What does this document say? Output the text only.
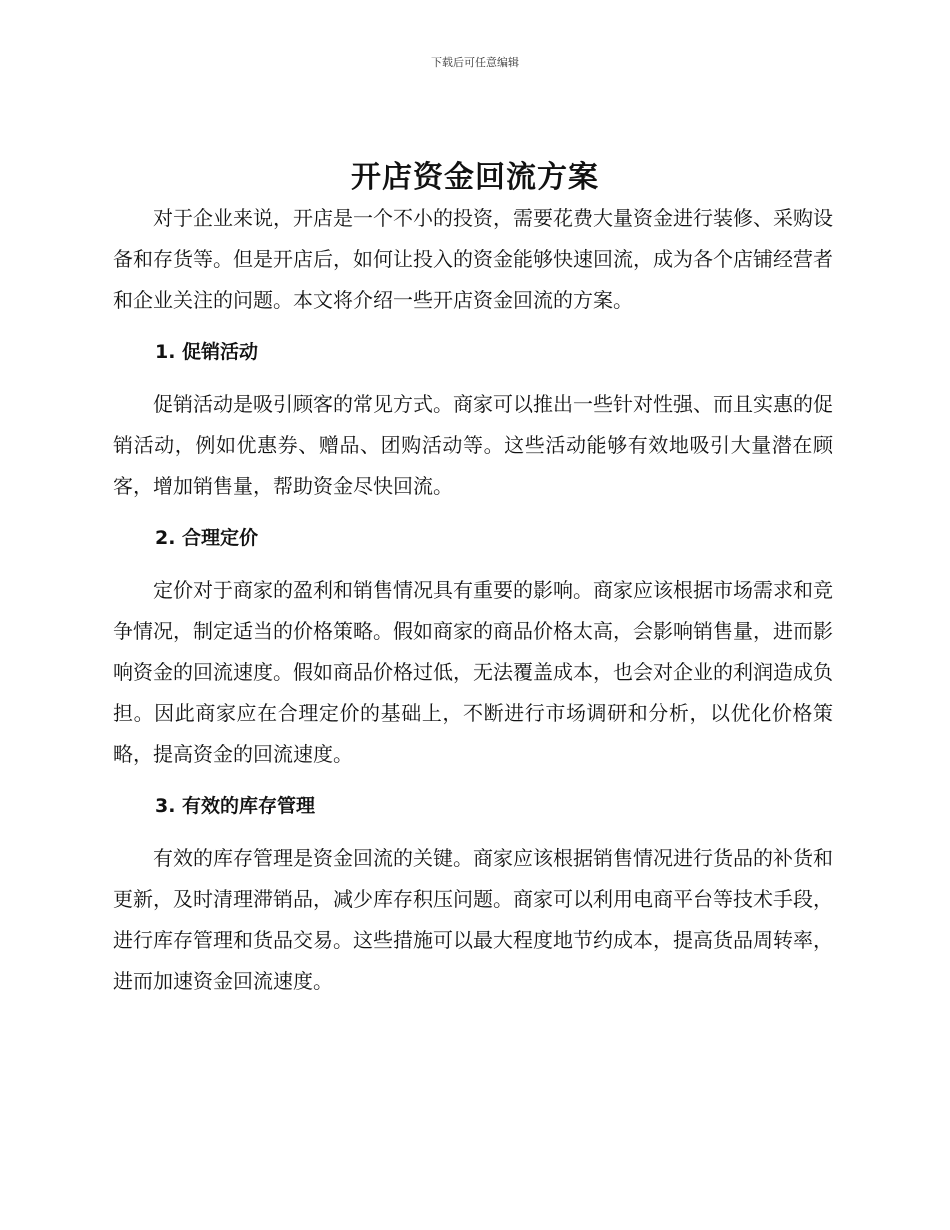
下载后可任意编辑
开店资金回流方案

对于企业来说，开店是一个不小的投资，需要花费大量资金进行装修、采购设备和存货等。但是开店后，如何让投入的资金能够快速回流，成为各个店铺经营者和企业关注的问题。本文将介绍一些开店资金回流的方案。

1. 促销活动

促销活动是吸引顾客的常见方式。商家可以推出一些针对性强、而且实惠的促销活动，例如优惠券、赠品、团购活动等。这些活动能够有效地吸引大量潜在顾客，增加销售量，帮助资金尽快回流。

2. 合理定价

定价对于商家的盈利和销售情况具有重要的影响。商家应该根据市场需求和竞争情况，制定适当的价格策略。假如商家的商品价格太高，会影响销售量，进而影响资金的回流速度。假如商品价格过低，无法覆盖成本，也会对企业的利润造成负担。因此商家应在合理定价的基础上，不断进行市场调研和分析，以优化价格策略，提高资金的回流速度。

3. 有效的库存管理

有效的库存管理是资金回流的关键。商家应该根据销售情况进行货品的补货和更新，及时清理滞销品，减少库存积压问题。商家可以利用电商平台等技术手段，进行库存管理和货品交易。这些措施可以最大程度地节约成本，提高货品周转率，进而加速资金回流速度。
